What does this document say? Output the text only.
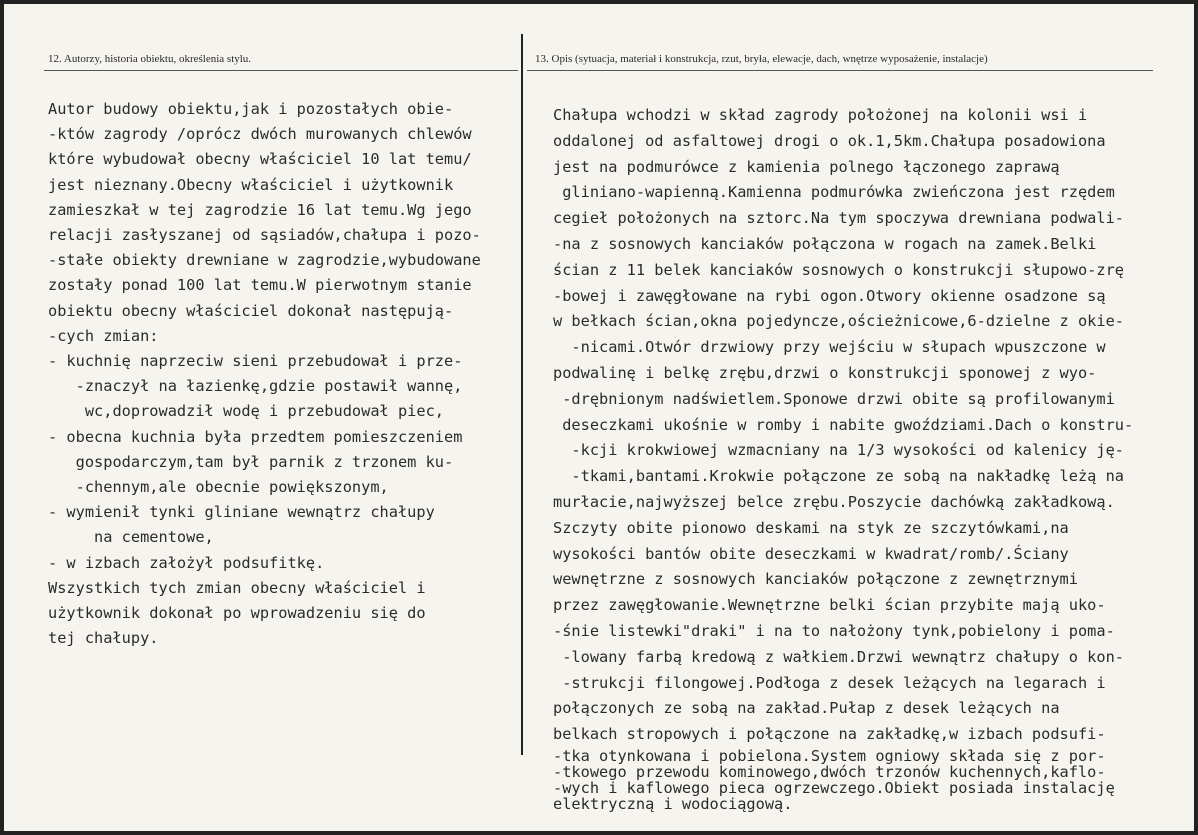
12. Autorzy, historia obiektu, określenia stylu.	13. Opis (sytuacja, materiał i konstrukcja, rzut, bryła, elewacje, dach, wnętrze wyposażenie, instalacje)
Autor budowy obiektu,jak i pozostałych obie-
-któw zagrody /oprócz dwóch murowanych chlewów
które wybudował obecny właściciel 10 lat temu/
jest nieznany.Obecny właściciel i użytkownik
zamieszkał w tej zagrodzie 16 lat temu.Wg jego
relacji zasłyszanej od sąsiadów,chałupa i pozo-
-stałe obiekty drewniane w zagrodzie,wybudowane
zostały ponad 100 lat temu.W pierwotnym stanie
obiektu obecny właściciel dokonał następują-
-cych zmian:
- kuchnię naprzeciw sieni przebudował i prze-
-znaczył na łazienkę,gdzie postawił wannę,
wc,doprowadził wodę i przebudował piec,
- obecna kuchnia była przedtem pomieszczeniem
gospodarczym,tam był parnik z trzonem ku-
-chennym,ale obecnie powiększonym,
- wymienił tynki gliniane wewnątrz chałupy
na cementowe,
- w izbach założył podsufitkę.
Wszystkich tych zmian obecny właściciel i
użytkownik dokonał po wprowadzeniu się do
tej chałupy.
Chałupa wchodzi w skład zagrody położonej na kolonii wsi i
oddalonej od asfaltowej drogi o ok.1,5km.Chałupa posadowiona
jest na podmurówce z kamienia polnego łączonego zaprawą
gliniano-wapienną.Kamienna podmurówka zwieńczona jest rzędem
cegieł położonych na sztorc.Na tym spoczywa drewniana podwali-
-na z sosnowych kanciaków połączona w rogach na zamek.Belki
ścian z 11 belek kanciaków sosnowych o konstrukcji słupowo-zrę
-bowej i zawęgłowane na rybi ogon.Otwory okienne osadzone są
w bełkach ścian,okna pojedyncze,ościeżnicowe,6-dzielne z okie-
-nicami.Otwór drzwiowy przy wejściu w słupach wpuszczone w
podwalinę i belkę zrębu,drzwi o konstrukcji sponowej z wyo-
-drębnionym nadświetlem.Sponowe drzwi obite są profilowanymi
deseczkami ukośnie w romby i nabite gwoździami.Dach o konstru-
-kcji krokwiowej wzmacniany na 1/3 wysokości od kalenicy ję-
-tkami,bantami.Krokwie połączone ze sobą na nakładkę leżą na
murłacie,najwyższej belce zrębu.Poszycie dachówką zakładkową.
Szczyty obite pionowo deskami na styk ze szczytówkami,na
wysokości bantów obite deseczkami w kwadrat/romb/.Ściany
wewnętrzne z sosnowych kanciaków połączone z zewnętrznymi
przez zawęgłowanie.Wewnętrzne belki ścian przybite mają uko-
-śnie listewki"draki" i na to nałożony tynk,pobielony i poma-
-lowany farbą kredową z wałkiem.Drzwi wewnątrz chałupy o kon-
-strukcji filongowej.Podłoga z desek leżących na legarach i
połączonych ze sobą na zakład.Pułap z desek leżących na
belkach stropowych i połączone na zakładkę,w izbach podsufi-
-tka otynkowana i pobielona.System ogniowy składa się z por-
-tkowego przewodu kominowego,dwóch trzonów kuchennych,kaflo-
-wych i kaflowego pieca ogrzewczego.Obiekt posiada instalację
elektryczną i wodociągową.
